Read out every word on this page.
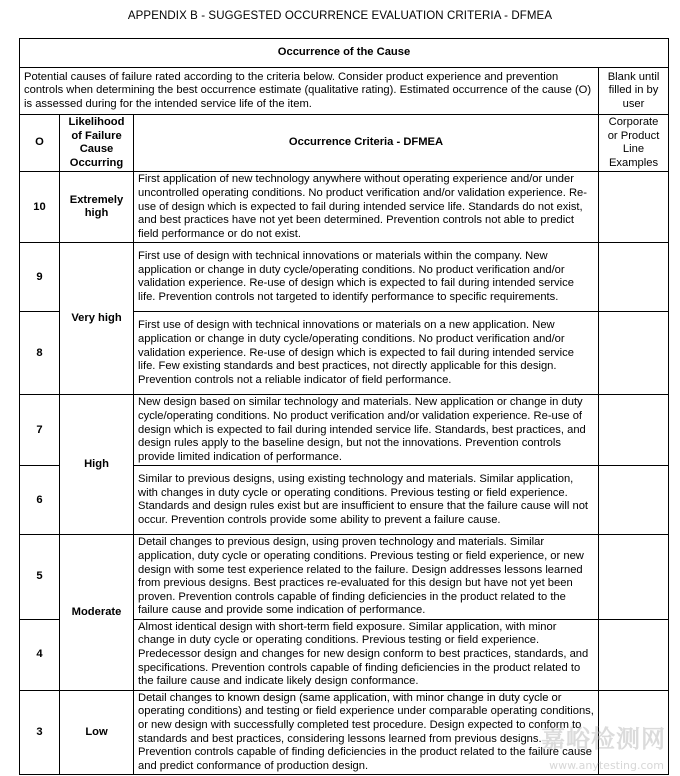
APPENDIX B - SUGGESTED OCCURRENCE EVALUATION CRITERIA - DFMEA
Occurrence of the Cause			
Potential causes of failure rated according to the criteria below. Consider product experience and prevention controls when determining the best occurrence estimate (qualitative rating). Estimated occurrence of the cause (O) is assessed during for the intended service life of the item.			Blank until filled in by user
O	Likelihood of Failure Cause Occurring	Occurrence Criteria - DFMEA	Corporate or Product Line Examples
10	Extremely high	First application of new technology anywhere without operating experience and/or under uncontrolled operating conditions. No product verification and/or validation experience. Re-use of design which is expected to fail during intended service life. Standards do not exist, and best practices have not yet been determined. Prevention controls not able to predict field performance or do not exist.	
9	Very high	First use of design with technical innovations or materials within the company. New application or change in duty cycle/operating conditions. No product verification and/or validation experience. Re-use of design which is expected to fail during intended service life. Prevention controls not targeted to identify performance to specific requirements.	
8		First use of design with technical innovations or materials on a new application. New application or change in duty cycle/operating conditions. No product verification and/or validation experience. Re-use of design which is expected to fail during intended service life. Few existing standards and best practices, not directly applicable for this design. Prevention controls not a reliable indicator of field performance.	
7	High	New design based on similar technology and materials. New application or change in duty cycle/operating conditions. No product verification and/or validation experience. Re-use of design which is expected to fail during intended service life. Standards, best practices, and design rules apply to the baseline design, but not the innovations. Prevention controls provide limited indication of performance.	
6		Similar to previous designs, using existing technology and materials. Similar application, with changes in duty cycle or operating conditions. Previous testing or field experience. Standards and design rules exist but are insufficient to ensure that the failure cause will not occur. Prevention controls provide some ability to prevent a failure cause.	
5	Moderate	Detail changes to previous design, using proven technology and materials. Similar application, duty cycle or operating conditions. Previous testing or field experience, or new design with some test experience related to the failure. Design addresses lessons learned from previous designs. Best practices re-evaluated for this design but have not yet been proven. Prevention controls capable of finding deficiencies in the product related to the failure cause and provide some indication of performance.	
4		Almost identical design with short-term field exposure. Similar application, with minor change in duty cycle or operating conditions. Previous testing or field experience. Predecessor design and changes for new design conform to best practices, standards, and specifications. Prevention controls capable of finding deficiencies in the product related to the failure cause and indicate likely design conformance.	
3	Low	Detail changes to known design (same application, with minor change in duty cycle or operating conditions) and testing or field experience under comparable operating conditions, or new design with successfully completed test procedure. Design expected to conform to standards and best practices, considering lessons learned from previous designs. Prevention controls capable of finding deficiencies in the product related to the failure cause and predict conformance of production design.	
嘉峪检测网
www.anytesting.com
